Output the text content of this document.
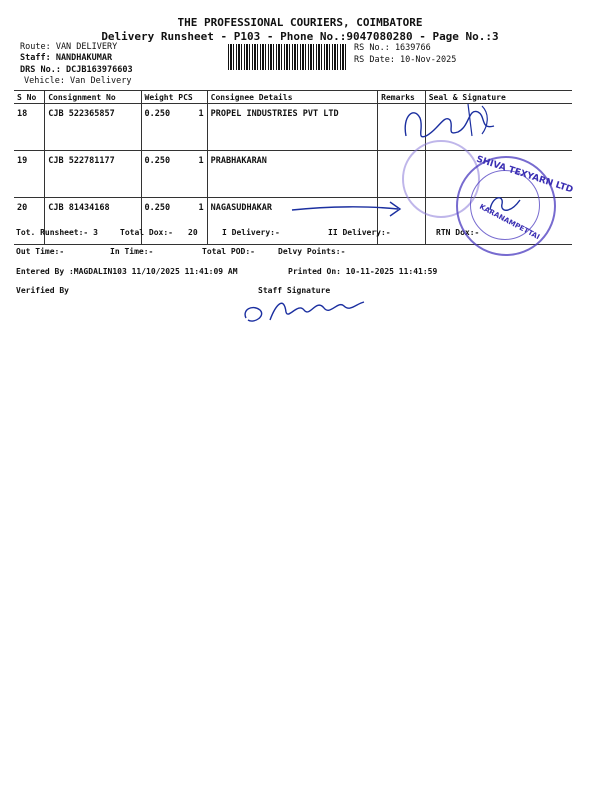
THE PROFESSIONAL COURIERS, COIMBATORE
Delivery Runsheet - P103 - Phone No.:9047080280 - Page No.:3
Route: VAN DELIVERY
Staff: NANDHAKUMAR
DRS No.: DCJB163976603
Vehicle: Van Delivery
RS No.: 1639766
RS Date: 10-Nov-2025
S No	Consignment No	Weight PCS	Consignee Details	Remarks	Seal & Signature
18	CJB 522365857	0.250 1	PROPEL INDUSTRIES PVT LTD		
19	CJB 522781177	0.250 1	PRABHAKARAN		
20	CJB 81434168	0.250 1	NAGASUDHAKAR		
Tot. Runsheet:- 3	Total Dox:- 20	I Delivery:-	II Delivery:-	RTN Dox:-
Out Time:-	In Time:-	Total POD:-	Delvy Points:-
Entered By :MAGDALIN103 11/10/2025 11:41:09 AM	Printed On: 10-11-2025 11:41:59
Verified By	Staff Signature
SHIVA TEXYARN LTD
KARANAMPETTAI
